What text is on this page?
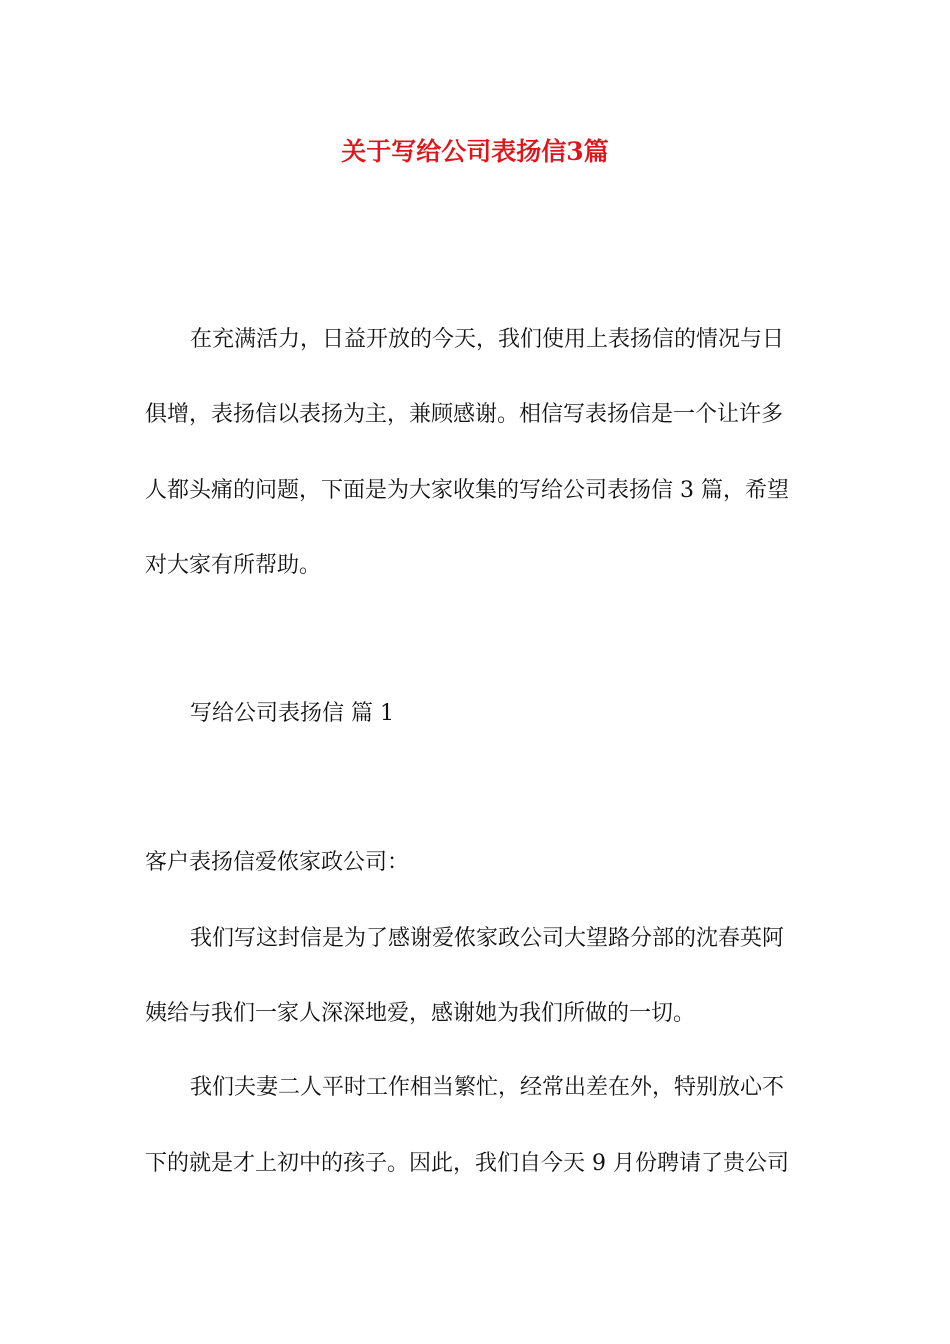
关于写给公司表扬信3篇
在充满活力，日益开放的今天，我们使用上表扬信的情况与日
俱增，表扬信以表扬为主，兼顾感谢。相信写表扬信是一个让许多
人都头痛的问题，下面是为大家收集的写给公司表扬信 3 篇，希望
对大家有所帮助。
写给公司表扬信 篇 1
客户表扬信爱侬家政公司：
我们写这封信是为了感谢爱侬家政公司大望路分部的沈春英阿
姨给与我们一家人深深地爱，感谢她为我们所做的一切。
我们夫妻二人平时工作相当繁忙，经常出差在外，特别放心不
下的就是才上初中的孩子。因此，我们自今天 9 月份聘请了贵公司
